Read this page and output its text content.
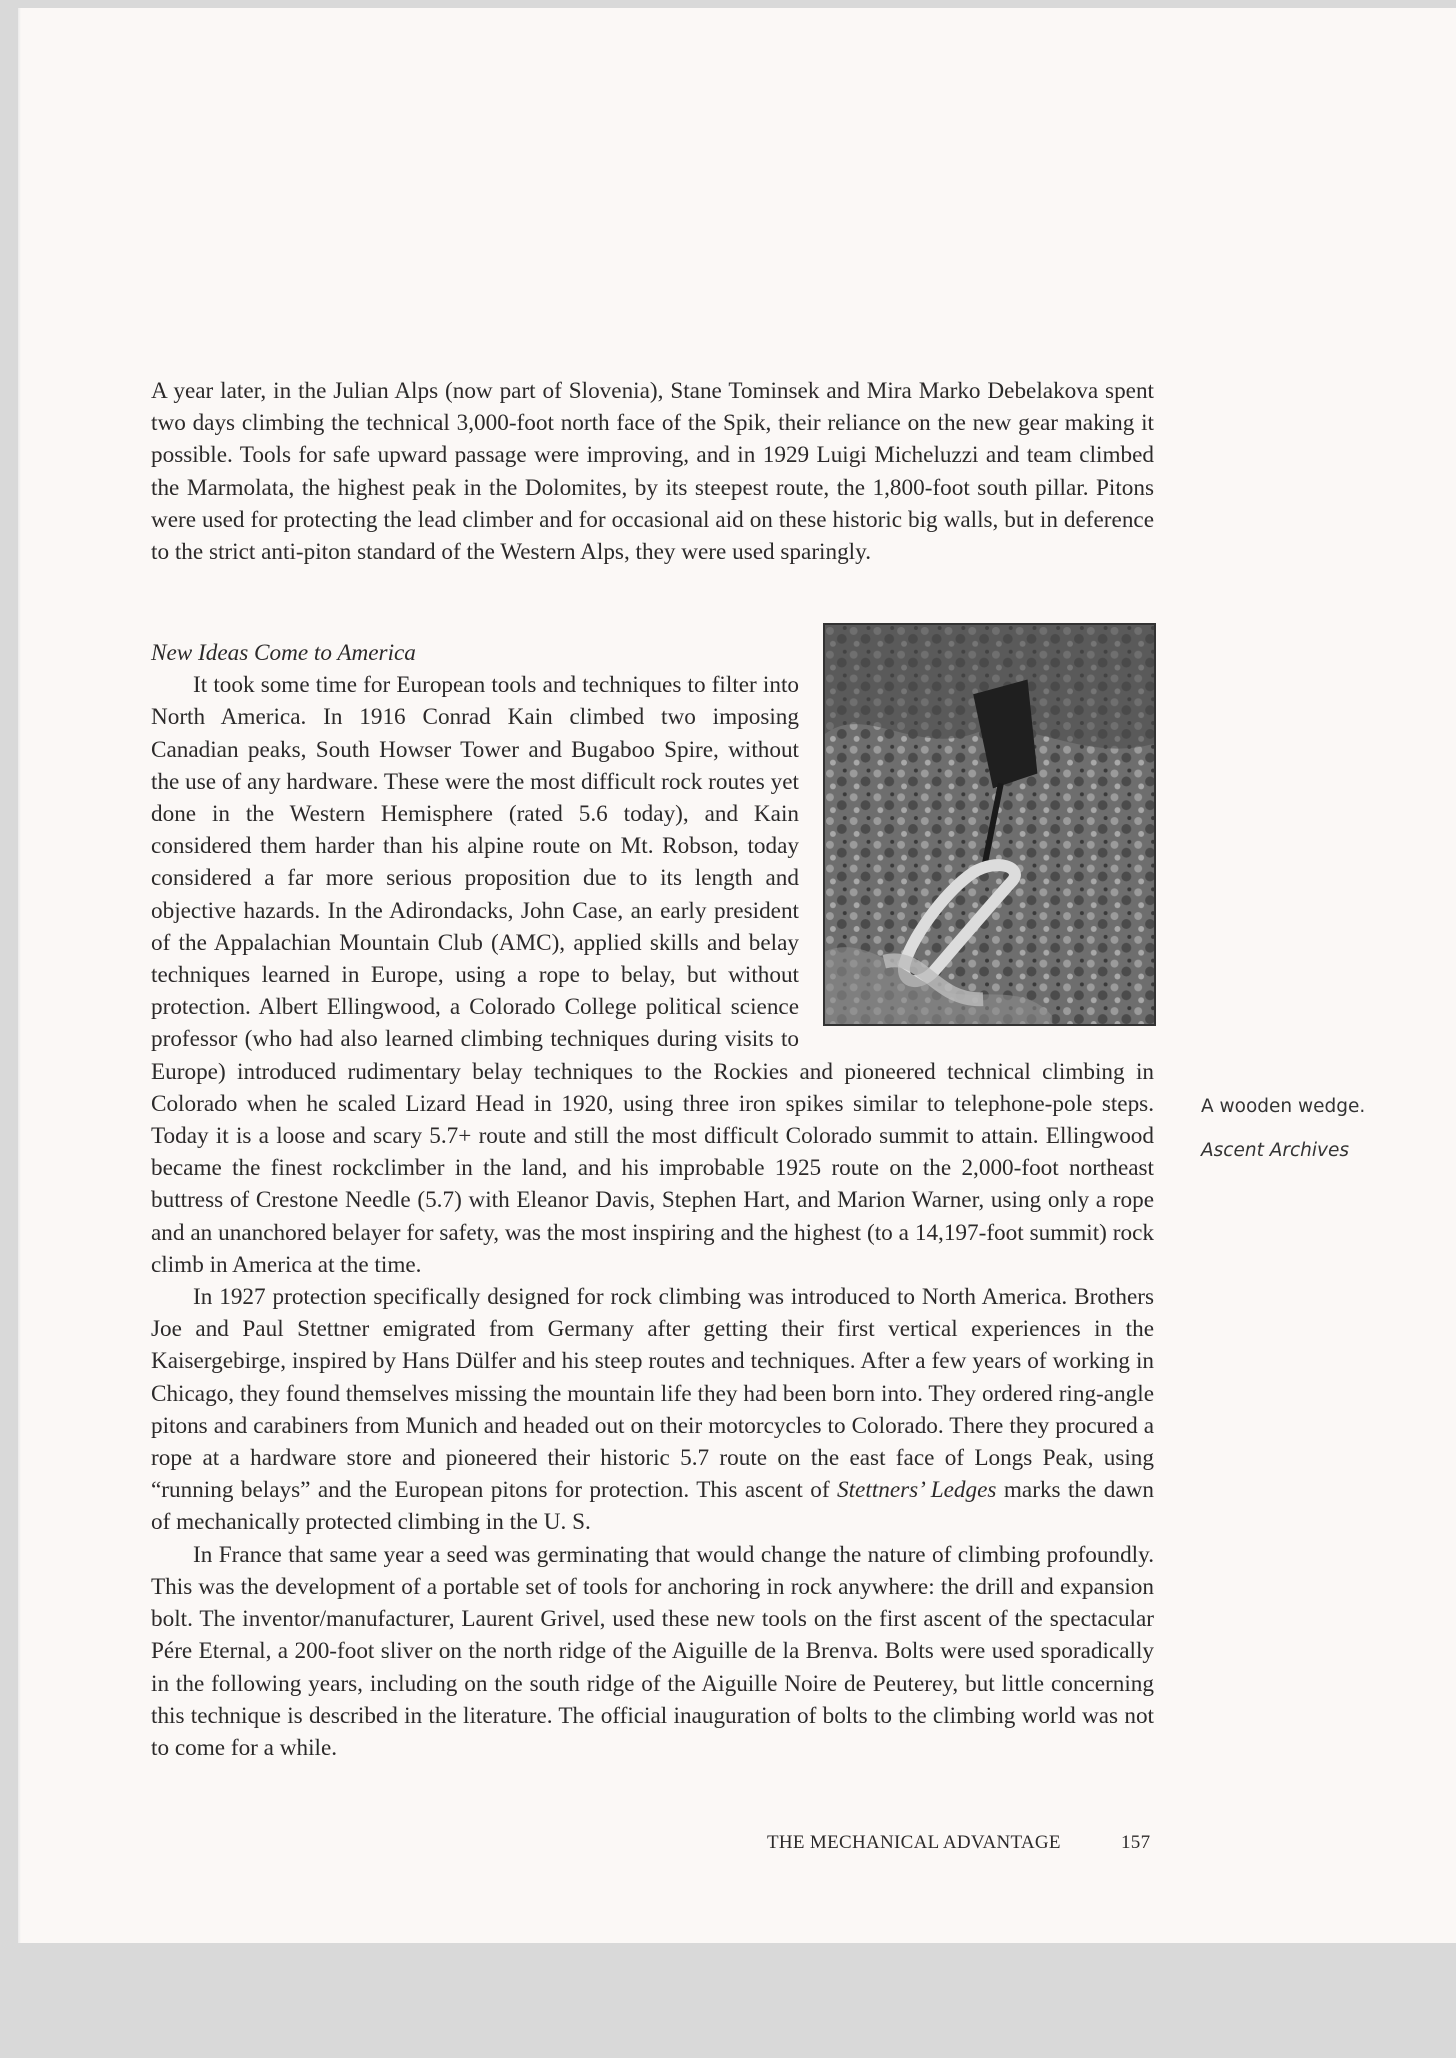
A year later, in the Julian Alps (now part of Slovenia), Stane Tominsek and Mira Marko Debelakova spent two days climbing the technical 3,000-foot north face of the Spik, their reliance on the new gear making it possible. Tools for safe upward passage were improving, and in 1929 Luigi Micheluzzi and team climbed the Marmolata, the highest peak in the Dolomites, by its steepest route, the 1,800-foot south pillar. Pitons were used for protecting the lead climber and for occasional aid on these historic big walls, but in deference to the strict anti-piton standard of the Western Alps, they were used sparingly.

New Ideas Come to America

It took some time for European tools and techniques to filter into North America. In 1916 Conrad Kain climbed two imposing Canadian peaks, South Howser Tower and Bugaboo Spire, without the use of any hardware. These were the most difficult rock routes yet done in the Western Hemisphere (rated 5.6 today), and Kain considered them harder than his alpine route on Mt. Robson, today considered a far more serious proposition due to its length and objective hazards. In the Adirondacks, John Case, an early president of the Appalachian Mountain Club (AMC), applied skills and belay techniques learned in Europe, using a rope to belay, but without protection. Albert Ellingwood, a Colorado College political science professor (who had also learned climbing techniques during visits to Europe) introduced rudimentary belay techniques to the Rockies and pioneered technical climbing in Colorado when he scaled Lizard Head in 1920, using three iron spikes similar to telephone-pole steps. Today it is a loose and scary 5.7+ route and still the most difficult Colorado summit to attain. Ellingwood became the finest rockclimber in the land, and his improbable 1925 route on the 2,000-foot northeast buttress of Crestone Needle (5.7) with Eleanor Davis, Stephen Hart, and Marion Warner, using only a rope and an unanchored belayer for safety, was the most inspiring and the highest (to a 14,197-foot summit) rock climb in America at the time.

In 1927 protection specifically designed for rock climbing was introduced to North America. Brothers Joe and Paul Stettner emigrated from Germany after getting their first vertical experiences in the Kaisergebirge, inspired by Hans Dülfer and his steep routes and techniques. After a few years of working in Chicago, they found themselves missing the mountain life they had been born into. They ordered ring-angle pitons and carabiners from Munich and headed out on their motorcycles to Colorado. There they procured a rope at a hardware store and pioneered their historic 5.7 route on the east face of Longs Peak, using “running belays” and the European pitons for protection. This ascent of Stettners’ Ledges marks the dawn of mechanically protected climbing in the U. S.

In France that same year a seed was germinating that would change the nature of climbing profoundly. This was the development of a portable set of tools for anchoring in rock anywhere: the drill and expansion bolt. The inventor/manufacturer, Laurent Grivel, used these new tools on the first ascent of the spectacular Pére Eternal, a 200-foot sliver on the north ridge of the Aiguille de la Brenva. Bolts were used sporadically in the following years, including on the south ridge of the Aiguille Noire de Peuterey, but little concerning this technique is described in the literature. The official inauguration of bolts to the climbing world was not to come for a while.

A wooden wedge.
Ascent Archives
THE MECHANICAL ADVANTAGE	157
